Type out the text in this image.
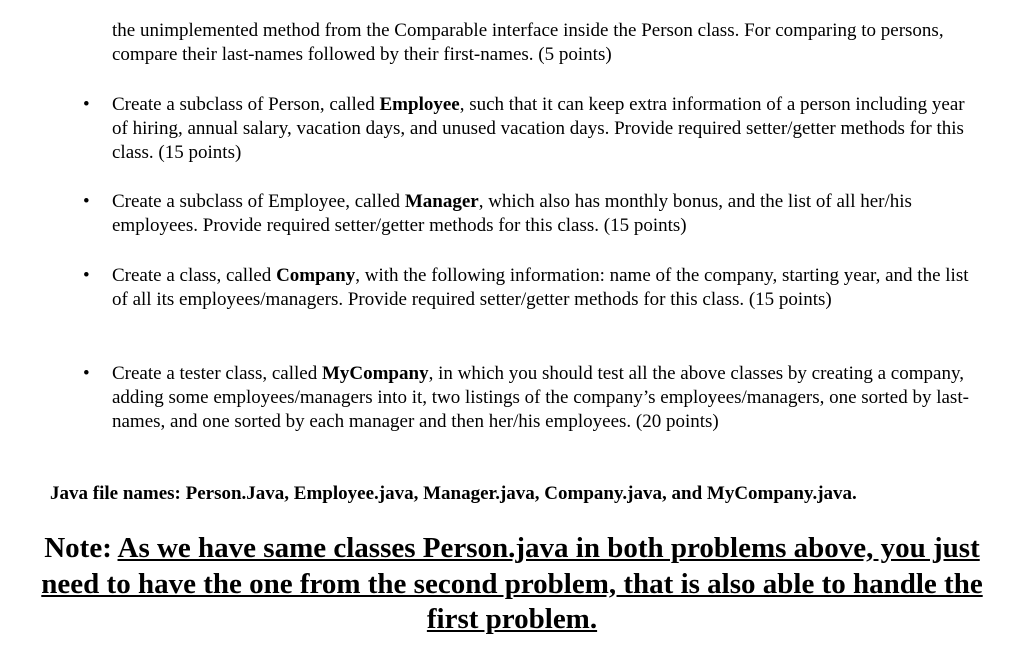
the unimplemented method from the Comparable interface inside the Person class. For comparing to persons, compare their last-names followed by their first-names. (5 points)

• Create a subclass of Person, called Employee, such that it can keep extra information of a person including year of hiring, annual salary, vacation days, and unused vacation days. Provide required setter/getter methods for this class. (15 points)

• Create a subclass of Employee, called Manager, which also has monthly bonus, and the list of all her/his employees. Provide required setter/getter methods for this class. (15 points)

• Create a class, called Company, with the following information: name of the company, starting year, and the list of all its employees/managers. Provide required setter/getter methods for this class. (15 points)

• Create a tester class, called MyCompany, in which you should test all the above classes by creating a company, adding some employees/managers into it, two listings of the company’s employees/managers, one sorted by last-names, and one sorted by each manager and then her/his employees. (20 points)

Java file names: Person.Java, Employee.java, Manager.java, Company.java, and MyCompany.java.

Note: As we have same classes Person.java in both problems above, you just need to have the one from the second problem, that is also able to handle the first problem.
